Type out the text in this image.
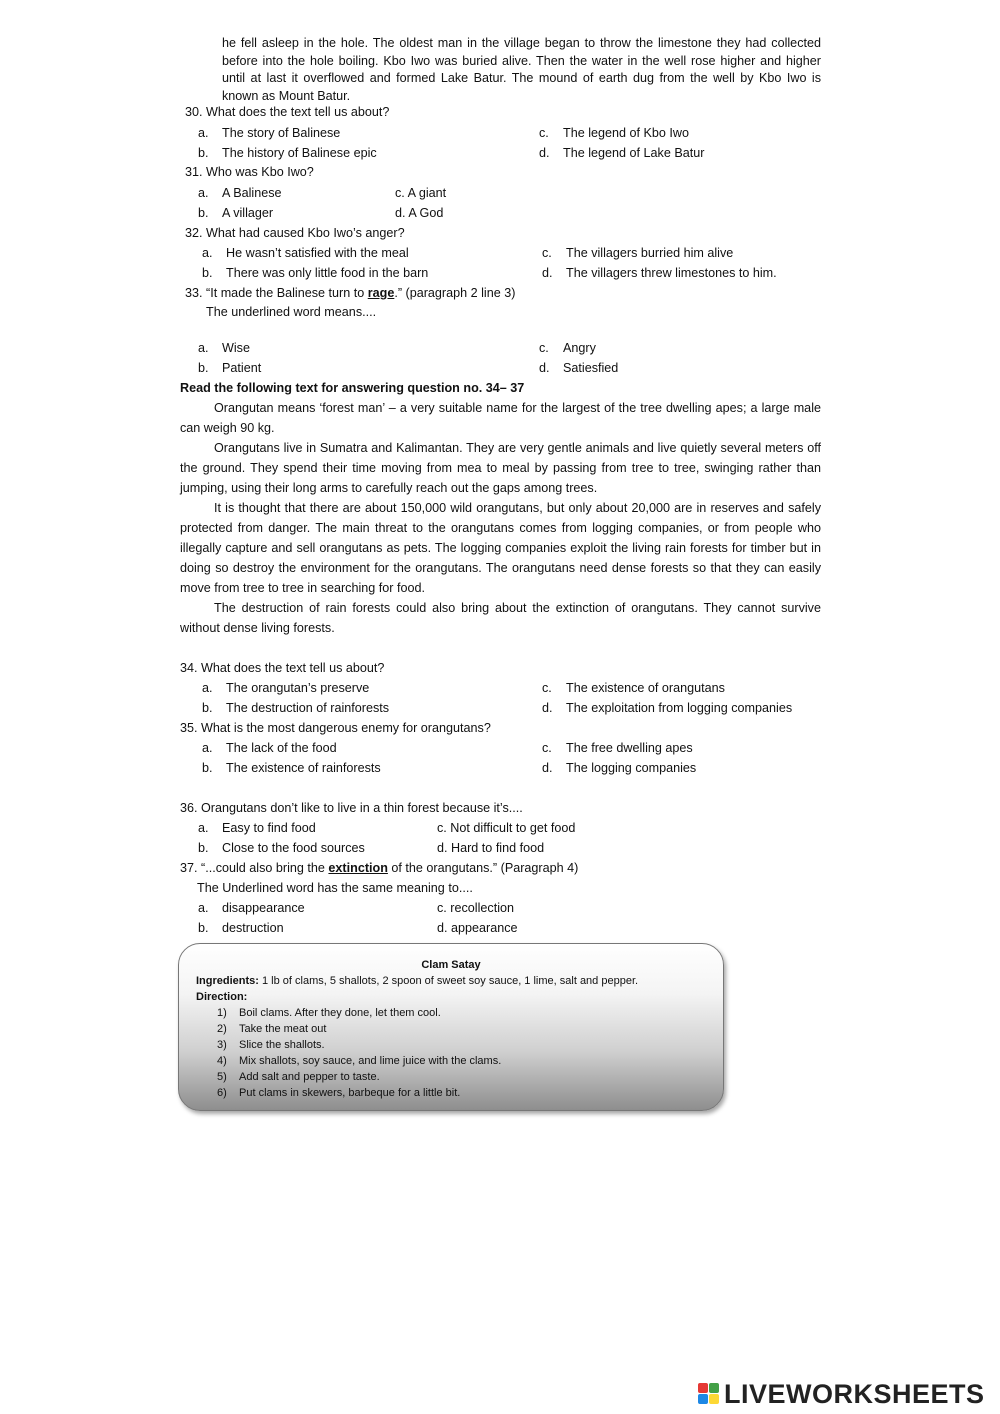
he fell asleep in the hole. The oldest man in the village began to throw the limestone they had collected before into the hole boiling. Kbo Iwo was buried alive. Then the water in the well rose higher and higher until at last it overflowed and formed Lake Batur. The mound of earth dug from the well by Kbo Iwo is known as Mount Batur.
30. What does the text tell us about?
a. The story of Balinese	c. The legend of Kbo Iwo
b. The history of Balinese epic	d. The legend of Lake Batur
31. Who was Kbo Iwo?
a. A Balinese	c. A giant
b. A villager	d. A God
32. What had caused Kbo Iwo’s anger?
a. He wasn’t satisfied with the meal	c. The villagers burried him alive
b. There was only little food in the barn	d. The villagers threw limestones to him.
33. “It made the Balinese turn to rage.” (paragraph 2 line 3)
The underlined word means....
a. Wise	c. Angry
b. Patient	d. Satiesfied
Read the following text for answering question no. 34– 37

Orangutan means ‘forest man’ – a very suitable name for the largest of the tree dwelling apes; a large male can weigh 90 kg.

Orangutans live in Sumatra and Kalimantan. They are very gentle animals and live quietly several meters off the ground. They spend their time moving from mea to meal by passing from tree to tree, swinging rather than jumping, using their long arms to carefully reach out the gaps among trees.

It is thought that there are about 150,000 wild orangutans, but only about 20,000 are in reserves and safely protected from danger. The main threat to the orangutans comes from logging companies, or from people who illegally capture and sell orangutans as pets. The logging companies exploit the living rain forests for timber but in doing so destroy the environment for the orangutans. The orangutans need dense forests so that they can easily move from tree to tree in searching for food.

The destruction of rain forests could also bring about the extinction of orangutans. They cannot survive without dense living forests.

34. What does the text tell us about?
a. The orangutan’s preserve	c. The existence of orangutans
b. The destruction of rainforests	d. The exploitation from logging companies
35. What is the most dangerous enemy for orangutans?
a. The lack of the food	c. The free dwelling apes
b. The existence of rainforests	d. The logging companies
36. Orangutans don’t like to live in a thin forest because it’s....
a. Easy to find food	c. Not difficult to get food
b. Close to the food sources	d. Hard to find food
37. “...could also bring the extinction of the orangutans.” (Paragraph 4)
The Underlined word has the same meaning to....
a. disappearance	c. recollection
b. destruction	d. appearance
Clam Satay
Ingredients: 1 lb of clams, 5 shallots, 2 spoon of sweet soy sauce, 1 lime, salt and pepper.
Direction:
1) Boil clams. After they done, let them cool.
2) Take the meat out
3) Slice the shallots.
4) Mix shallots, soy sauce, and lime juice with the clams.
5) Add salt and pepper to taste.
6) Put clams in skewers, barbeque for a little bit.
LIVEWORKSHEETS
